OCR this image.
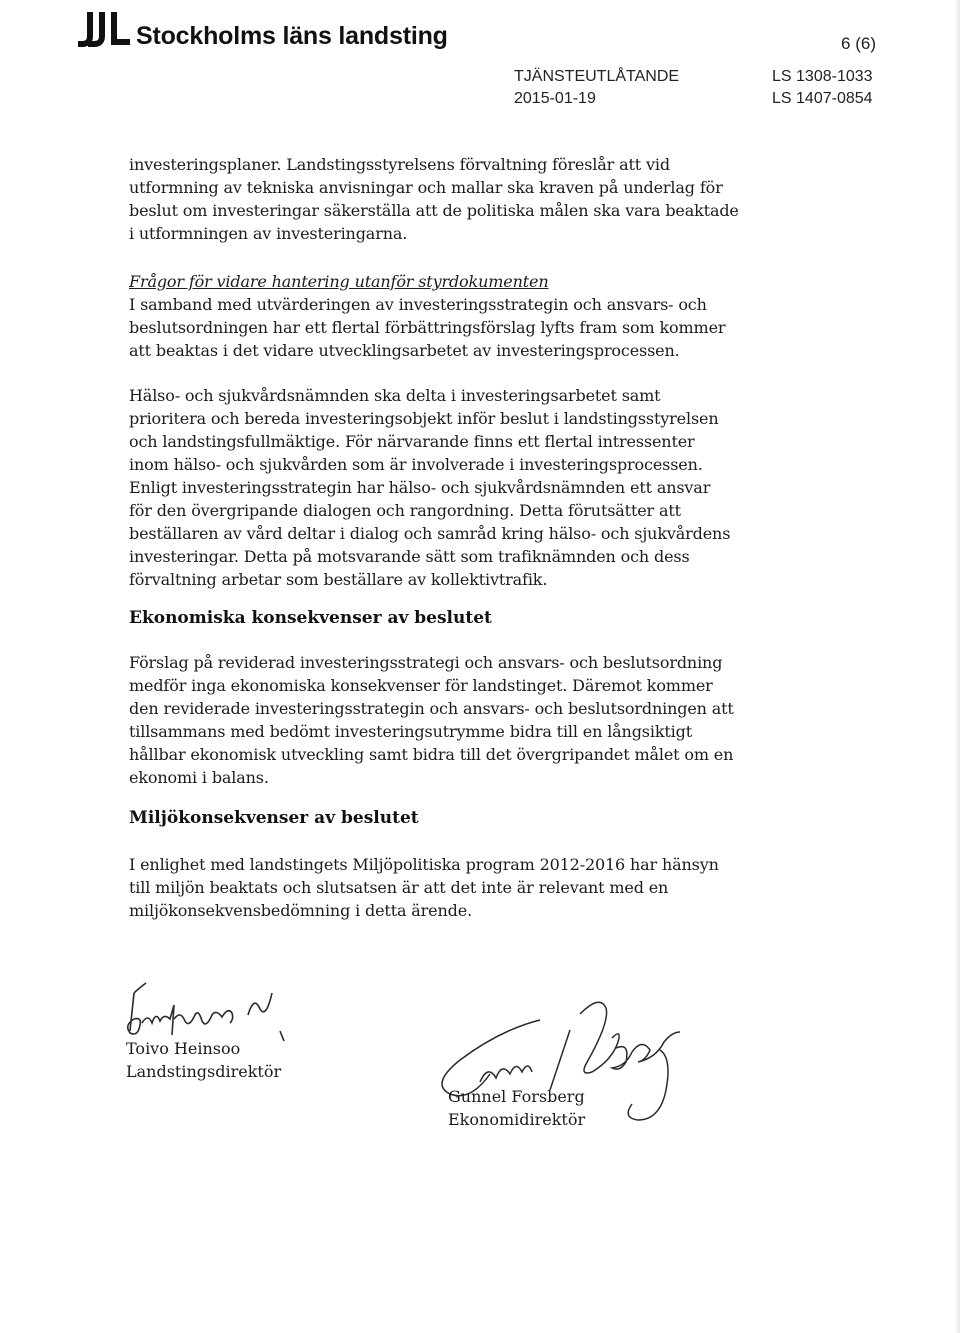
Stockholms läns landsting	6 (6)
TJÄNSTEUTLÅTANDE
2015-01-19
LS 1308-1033
LS 1407-0854
investeringsplaner. Landstingsstyrelsens förvaltning föreslår att vid
utformning av tekniska anvisningar och mallar ska kraven på underlag för
beslut om investeringar säkerställa att de politiska målen ska vara beaktade
i utformningen av investeringarna.
Frågor för vidare hantering utanför styrdokumenten
I samband med utvärderingen av investeringsstrategin och ansvars- och
beslutsordningen har ett flertal förbättringsförslag lyfts fram som kommer
att beaktas i det vidare utvecklingsarbetet av investeringsprocessen.
Hälso- och sjukvårdsnämnden ska delta i investeringsarbetet samt
prioritera och bereda investeringsobjekt inför beslut i landstingsstyrelsen
och landstingsfullmäktige. För närvarande finns ett flertal intressenter
inom hälso- och sjukvården som är involverade i investeringsprocessen.
Enligt investeringsstrategin har hälso- och sjukvårdsnämnden ett ansvar
för den övergripande dialogen och rangordning. Detta förutsätter att
beställaren av vård deltar i dialog och samråd kring hälso- och sjukvårdens
investeringar. Detta på motsvarande sätt som trafiknämnden och dess
förvaltning arbetar som beställare av kollektivtrafik.
Ekonomiska konsekvenser av beslutet
Förslag på reviderad investeringsstrategi och ansvars- och beslutsordning
medför inga ekonomiska konsekvenser för landstinget. Däremot kommer
den reviderade investeringsstrategin och ansvars- och beslutsordningen att
tillsammans med bedömt investeringsutrymme bidra till en långsiktigt
hållbar ekonomisk utveckling samt bidra till det övergripandet målet om en
ekonomi i balans.
Miljökonsekvenser av beslutet
I enlighet med landstingets Miljöpolitiska program 2012-2016 har hänsyn
till miljön beaktats och slutsatsen är att det inte är relevant med en
miljökonsekvensbedömning i detta ärende.
Toivo Heinsoo
Landstingsdirektör
Gunnel Forsberg
Ekonomidirektör
